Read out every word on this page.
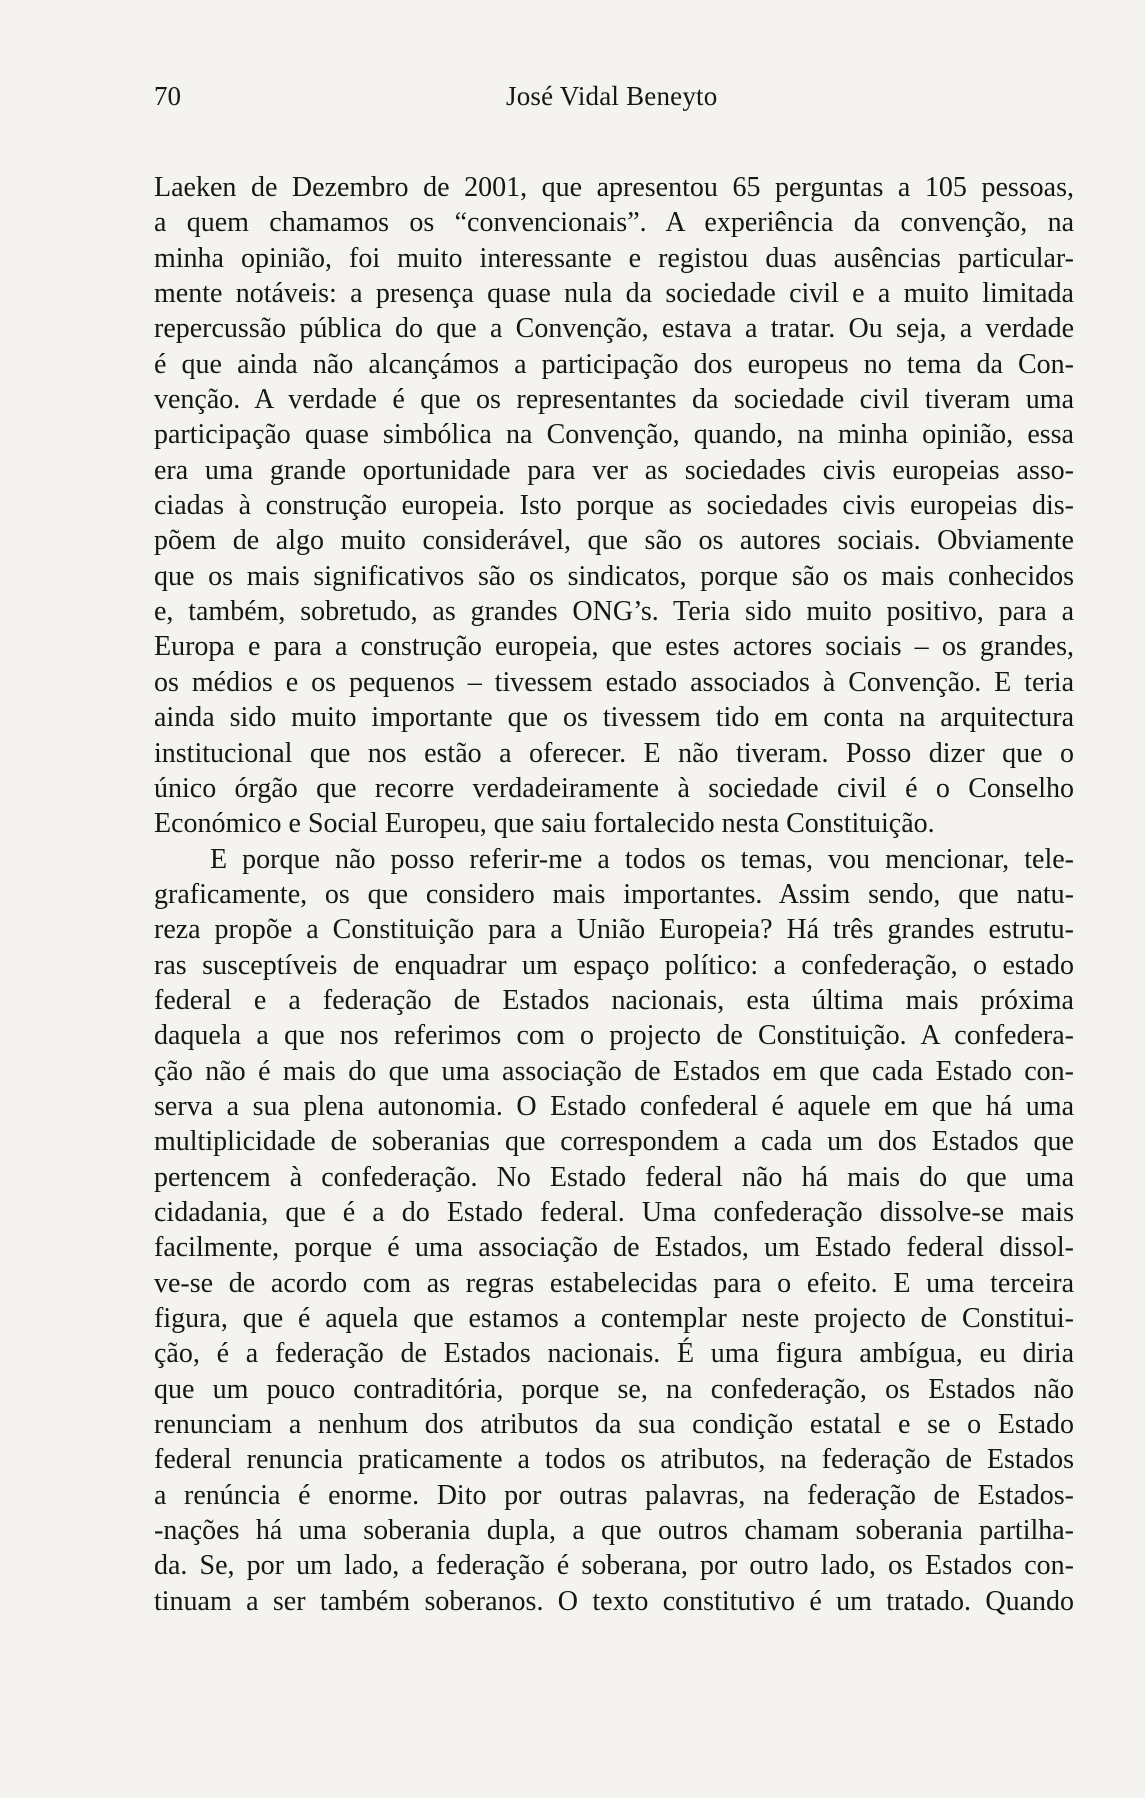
70	José Vidal Beneyto
Laeken de Dezembro de 2001, que apresentou 65 perguntas a 105 pessoas,
a quem chamamos os “convencionais”. A experiência da convenção, na
minha opinião, foi muito interessante e registou duas ausências particular-
mente notáveis: a presença quase nula da sociedade civil e a muito limitada
repercussão pública do que a Convenção, estava a tratar. Ou seja, a verdade
é que ainda não alcançámos a participação dos europeus no tema da Con-
venção. A verdade é que os representantes da sociedade civil tiveram uma
participação quase simbólica na Convenção, quando, na minha opinião, essa
era uma grande oportunidade para ver as sociedades civis europeias asso-
ciadas à construção europeia. Isto porque as sociedades civis europeias dis-
põem de algo muito considerável, que são os autores sociais. Obviamente
que os mais significativos são os sindicatos, porque são os mais conhecidos
e, também, sobretudo, as grandes ONG’s. Teria sido muito positivo, para a
Europa e para a construção europeia, que estes actores sociais – os grandes,
os médios e os pequenos – tivessem estado associados à Convenção. E teria
ainda sido muito importante que os tivessem tido em conta na arquitectura
institucional que nos estão a oferecer. E não tiveram. Posso dizer que o
único órgão que recorre verdadeiramente à sociedade civil é o Conselho
Económico e Social Europeu, que saiu fortalecido nesta Constituição.
E porque não posso referir-me a todos os temas, vou mencionar, tele-
graficamente, os que considero mais importantes. Assim sendo, que natu-
reza propõe a Constituição para a União Europeia? Há três grandes estrutu-
ras susceptíveis de enquadrar um espaço político: a confederação, o estado
federal e a federação de Estados nacionais, esta última mais próxima
daquela a que nos referimos com o projecto de Constituição. A confedera-
ção não é mais do que uma associação de Estados em que cada Estado con-
serva a sua plena autonomia. O Estado confederal é aquele em que há uma
multiplicidade de soberanias que correspondem a cada um dos Estados que
pertencem à confederação. No Estado federal não há mais do que uma
cidadania, que é a do Estado federal. Uma confederação dissolve-se mais
facilmente, porque é uma associação de Estados, um Estado federal dissol-
ve-se de acordo com as regras estabelecidas para o efeito. E uma terceira
figura, que é aquela que estamos a contemplar neste projecto de Constitui-
ção, é a federação de Estados nacionais. É uma figura ambígua, eu diria
que um pouco contraditória, porque se, na confederação, os Estados não
renunciam a nenhum dos atributos da sua condição estatal e se o Estado
federal renuncia praticamente a todos os atributos, na federação de Estados
a renúncia é enorme. Dito por outras palavras, na federação de Estados-
-nações há uma soberania dupla, a que outros chamam soberania partilha-
da. Se, por um lado, a federação é soberana, por outro lado, os Estados con-
tinuam a ser também soberanos. O texto constitutivo é um tratado. Quando
